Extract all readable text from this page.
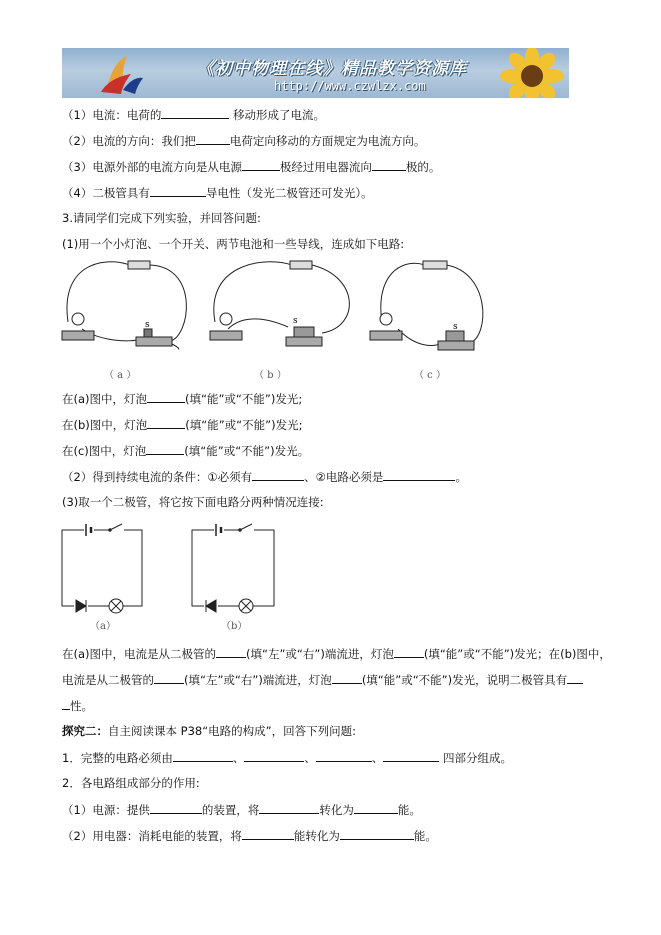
《初中物理在线》精品教学资源库
http://www.czwlzx.com
（1）电流：电荷的	移动形成了电流。
（2）电流的方向：我们把	电荷定向移动的方面规定为电流方向。
（3）电源外部的电流方向是从电源	极经过用电器流向	极的。
（4）二极管具有	导电性（发光二极管还可发光）。
3.请同学们完成下列实验，并回答问题:
(1)用一个小灯泡、一个开关、两节电池和一些导线，连成如下电路:
s	s
s
（ a ）	（ b ）	（ c ）
在(a)图中，灯泡	(填“能”或“不能”)发光;
在(b)图中，灯泡	(填“能”或“不能”)发光;
在(c)图中，灯泡	(填“能”或“不能”)发光。
（2）得到持续电流的条件：①必须有	、②电路必须是	。
(3)取一个二极管，将它按下面电路分两种情况连接:
（a）	（b）
在(a)图中，电流是从二极管的	(填“左”或“右”)端流进，灯泡	(填“能”或“不能”)发光；在(b)图中，
电流是从二极管的	(填“左”或“右”)端流进，灯泡	(填“能”或“不能”)发光，说明二极管具有
性。
探究二：自主阅读课本 P38“电路的构成”，回答下列问题:
1．完整的电路必须由	、	、	、	四部分组成。
2．各电路组成部分的作用:
（1）电源：提供	的装置，将	转化为	能。
（2）用电器：消耗电能的装置，将	能转化为	能。
